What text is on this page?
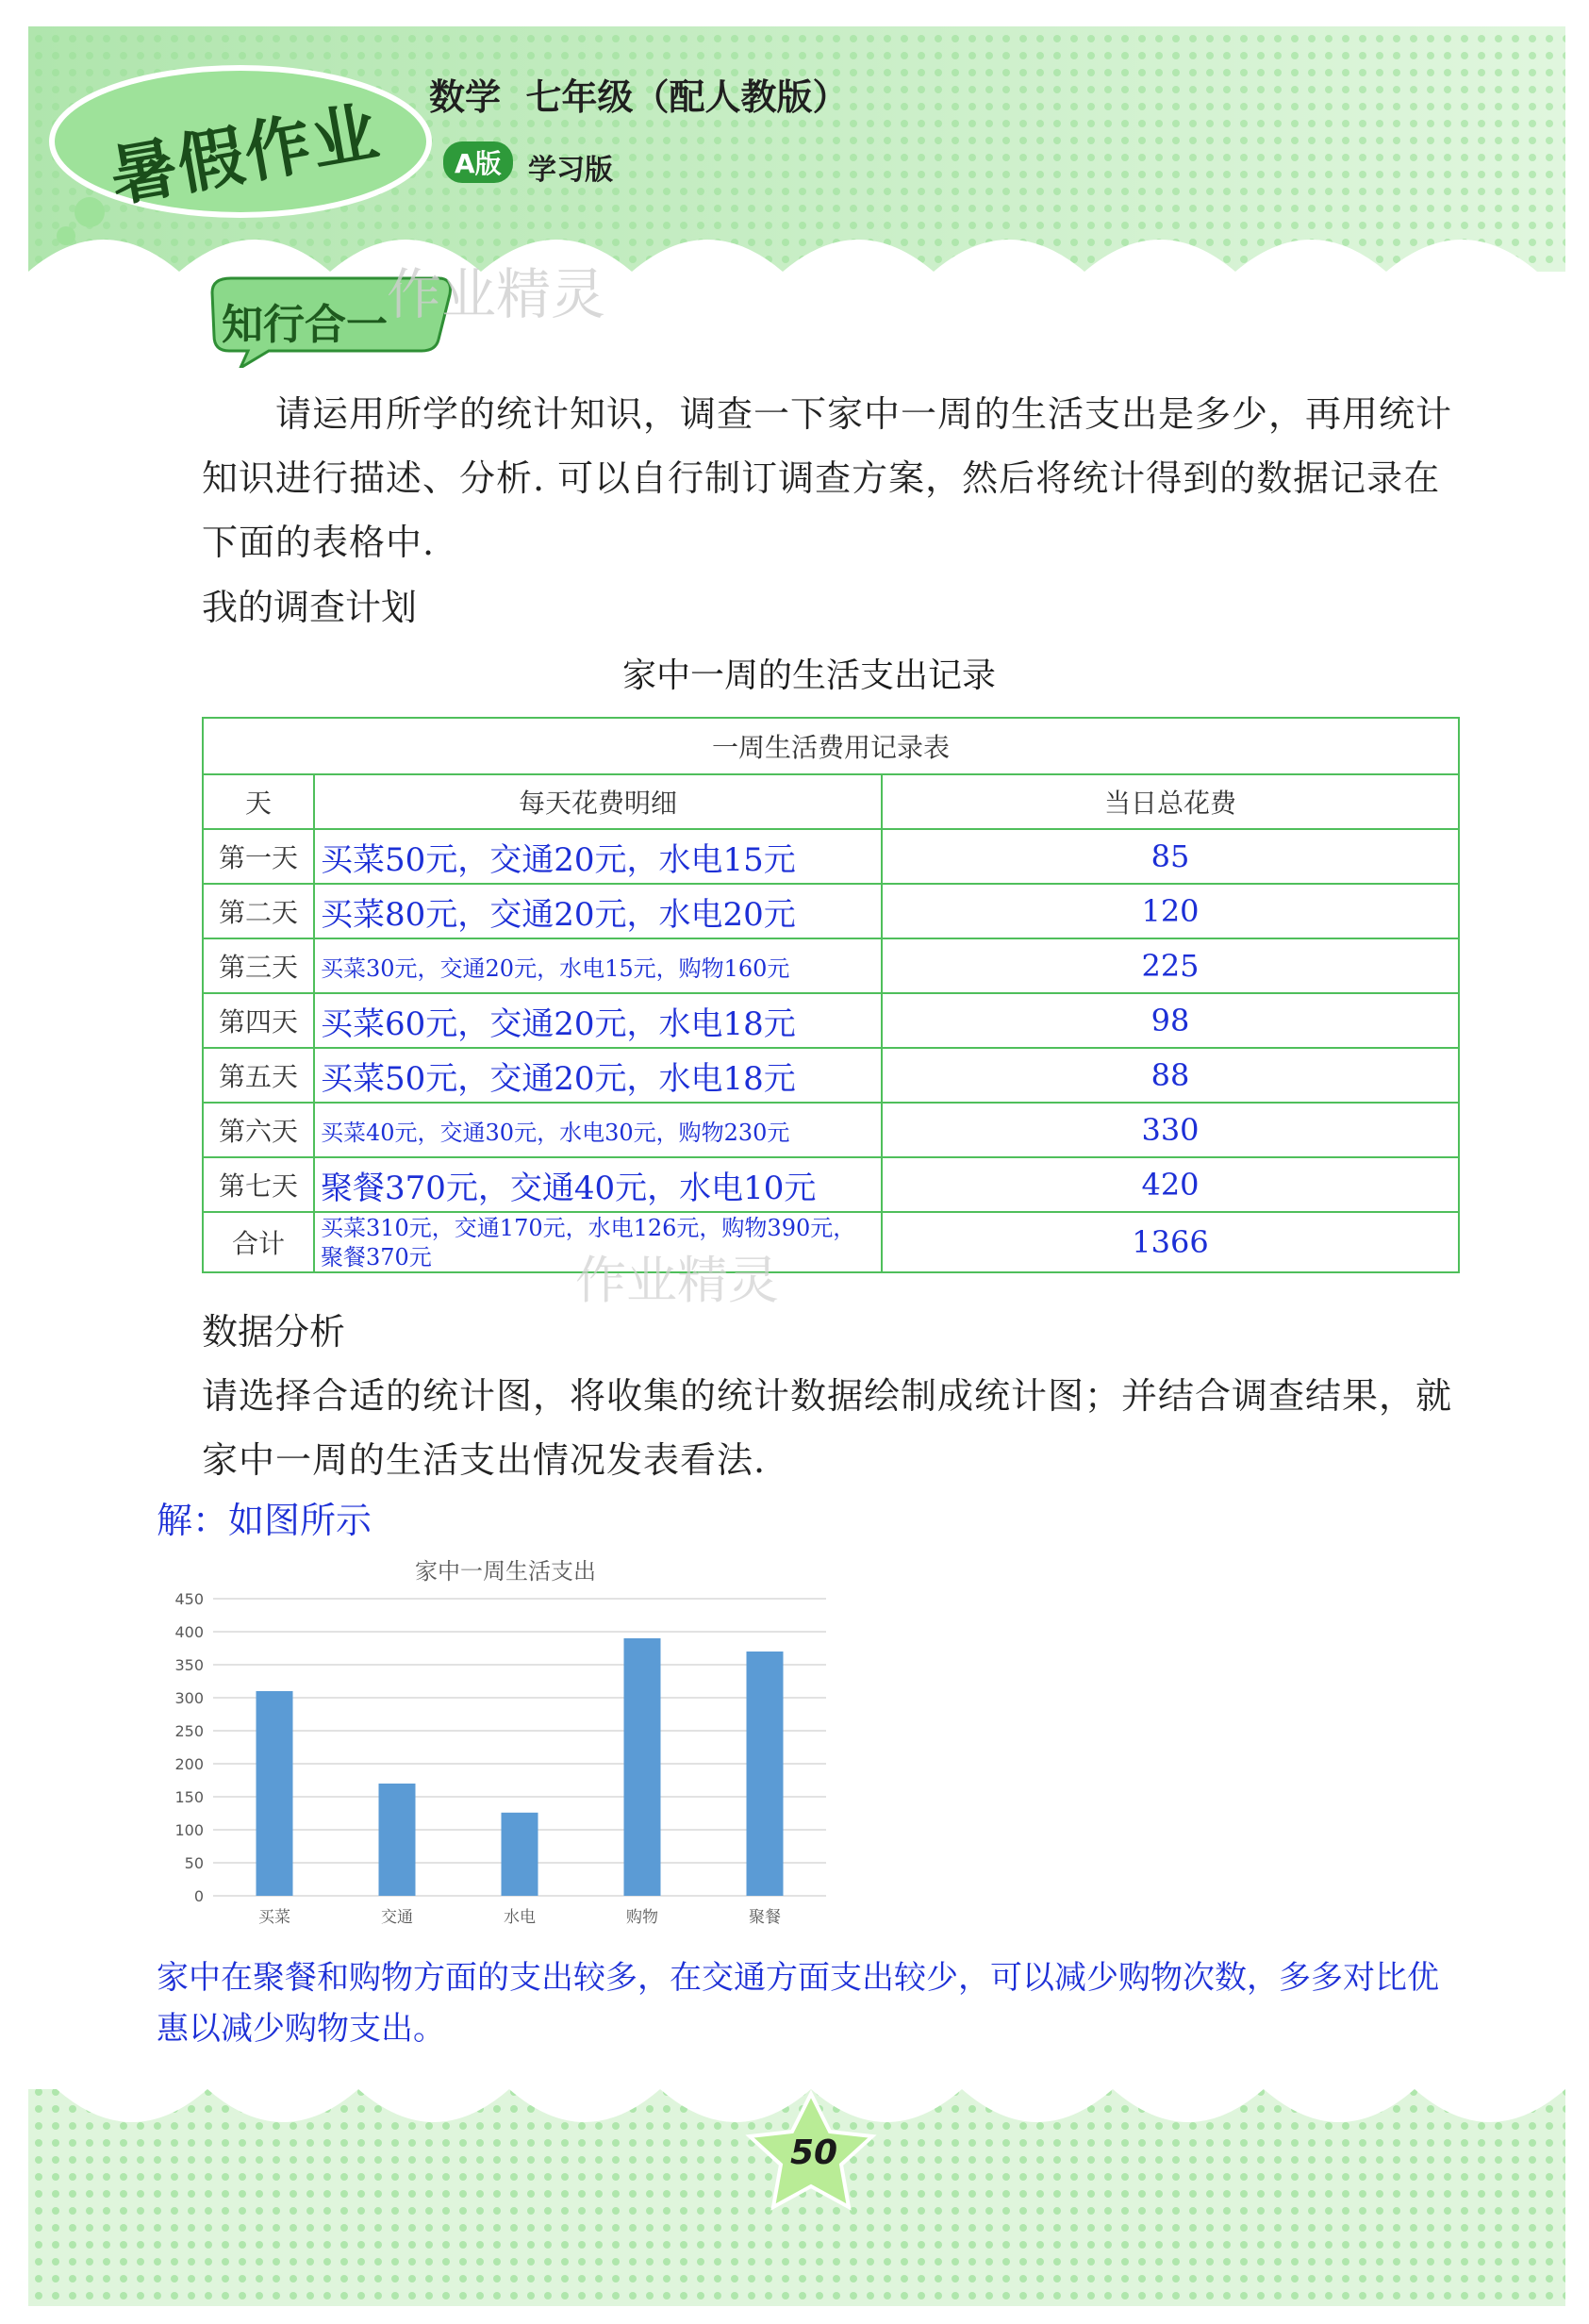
暑假作业 数学  七年级（配人教版）
A版 学习版
知行合一 作业精灵
请运用所学的统计知识，调查一下家中一周的生活支出是多少，再用统计知识进行描述、分析. 可以自行制订调查方案，然后将统计得到的数据记录在下面的表格中.
我的调查计划
家中一周的生活支出记录
一周生活费用记录表		
天	每天花费明细	当日总花费
第一天	买菜50元，交通20元，水电15元	85
第二天	买菜80元，交通20元，水电20元	120
第三天	买菜30元，交通20元，水电15元，购物160元	225
第四天	买菜60元，交通20元，水电18元	98
第五天	买菜50元，交通20元，水电18元	88
第六天	买菜40元，交通30元，水电30元，购物230元	330
第七天	聚餐370元，交通40元，水电10元	420
合计	买菜310元，交通170元，水电126元，购物390元，聚餐370元	1366
作业精灵
数据分析
请选择合适的统计图，将收集的统计数据绘制成统计图；并结合调查结果，就家中一周的生活支出情况发表看法.
解：如图所示
家中一周生活支出
0
50
100
150
200
250
300
350
400
450
买菜	交通	水电	购物	聚餐
家中在聚餐和购物方面的支出较多，在交通方面支出较少，可以减少购物次数，多多对比优惠以减少购物支出。
50
